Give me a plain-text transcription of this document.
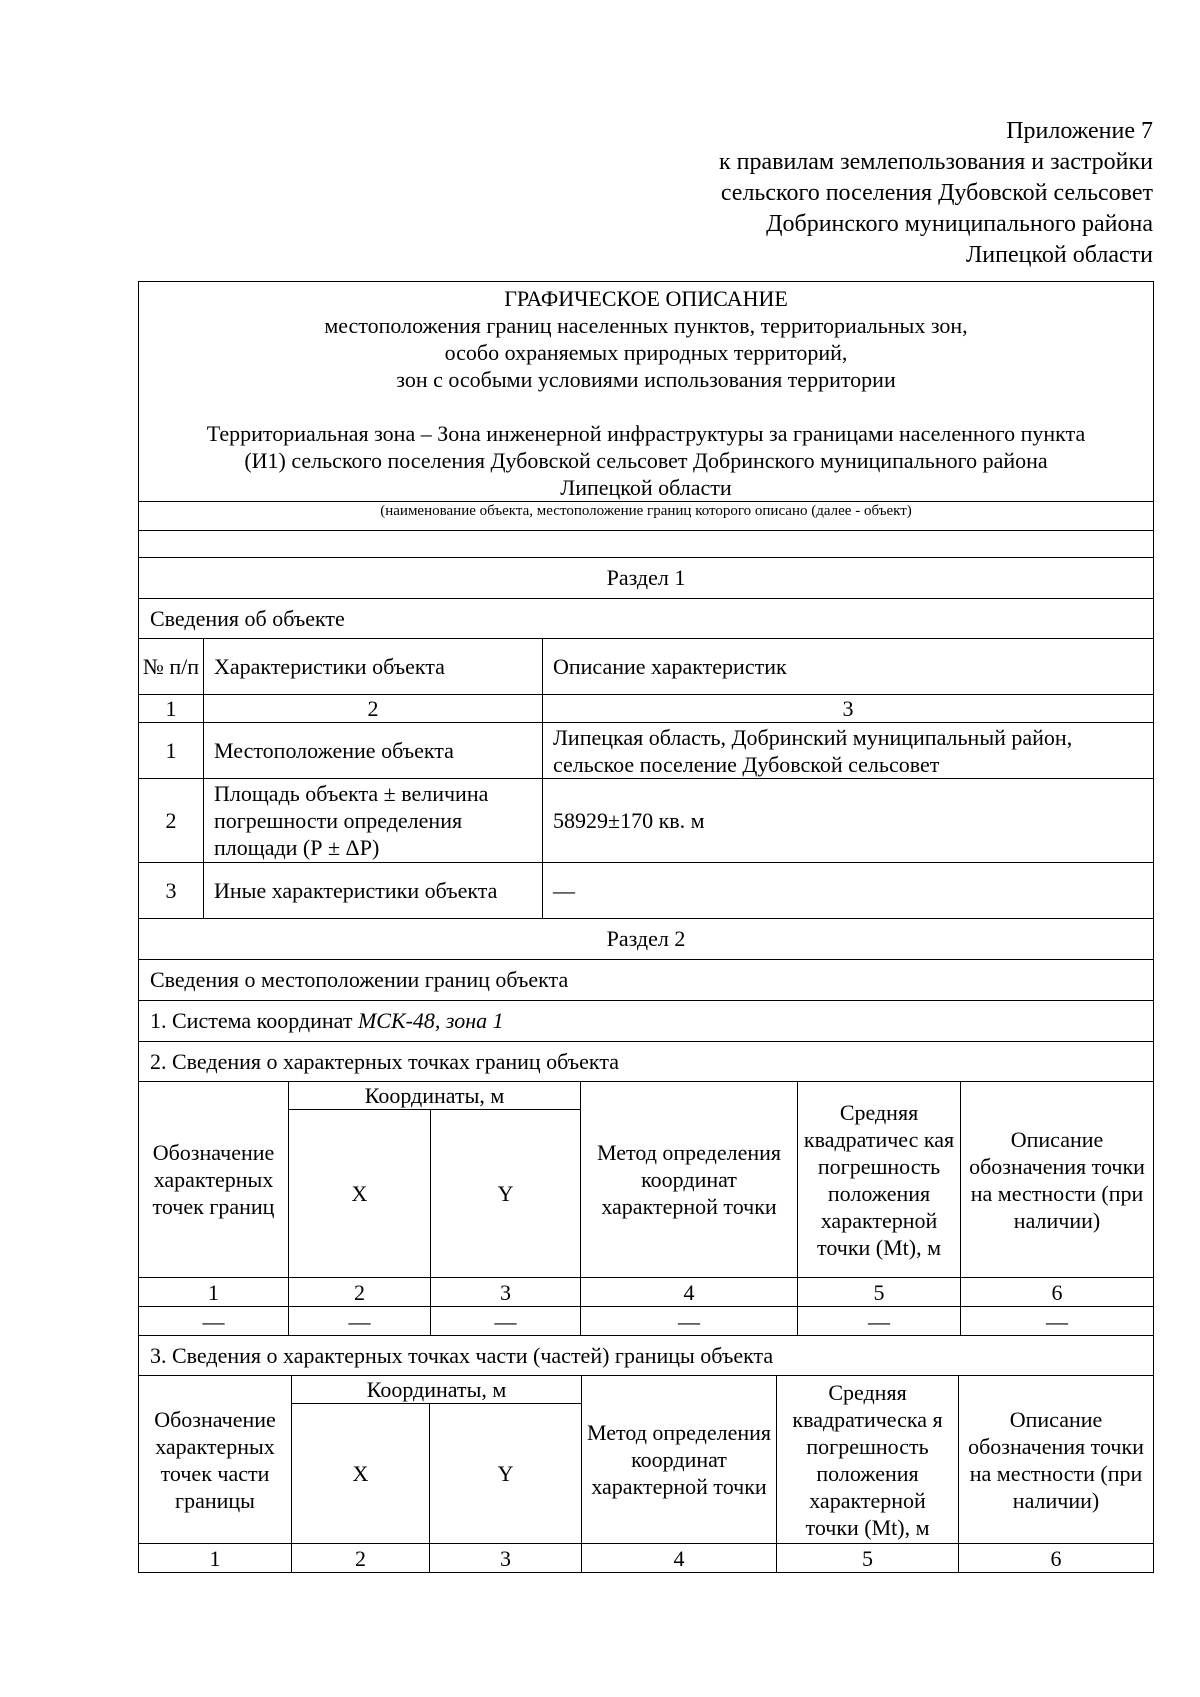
Приложение 7
к правилам землепользования и застройки
сельского поселения Дубовской сельсовет
Добринского муниципального района
Липецкой области
ГРАФИЧЕСКОЕ ОПИСАНИЕ
местоположения границ населенных пунктов, территориальных зон,
особо охраняемых природных территорий,
зон с особыми условиями использования территории
Территориальная зона – Зона инженерной инфраструктуры за границами населенного пункта
(И1) сельского поселения Дубовской сельсовет Добринского муниципального района
Липецкой области
(наименование объекта, местоположение границ которого описано (далее - объект)
Раздел 1
Сведения об объекте
№ п/п	Характеристики объекта	Описание характеристик
1	2	3
1	Местоположение объекта	Липецкая область, Добринский муниципальный район, сельское поселение Дубовской сельсовет
2	Площадь объекта ± величина погрешности определения площади (Р ± ΔР)	58929±170 кв. м
3	Иные характеристики объекта	—
Раздел 2
Сведения о местоположении границ объекта
1. Система координат МСК-48, зона 1
2. Сведения о характерных точках границ объекта
Обозначение характерных точек границ	Координаты, м		Метод определения координат характерной точки	Средняя квадратичес кая погрешность положения характерной точки (Mt), м	Описание обозначения точки на местности (при наличии)
	X	Y			
1	2	3	4	5	6
—	—	—	—	—	—
3. Сведения о характерных точках части (частей) границы объекта
Обозначение характерных точек части границы	Координаты, м		Метод определения координат характерной точки	Средняя квадратическа я погрешность положения характерной точки (Mt), м	Описание обозначения точки на местности (при наличии)
	X	Y			
1	2	3	4	5	6
